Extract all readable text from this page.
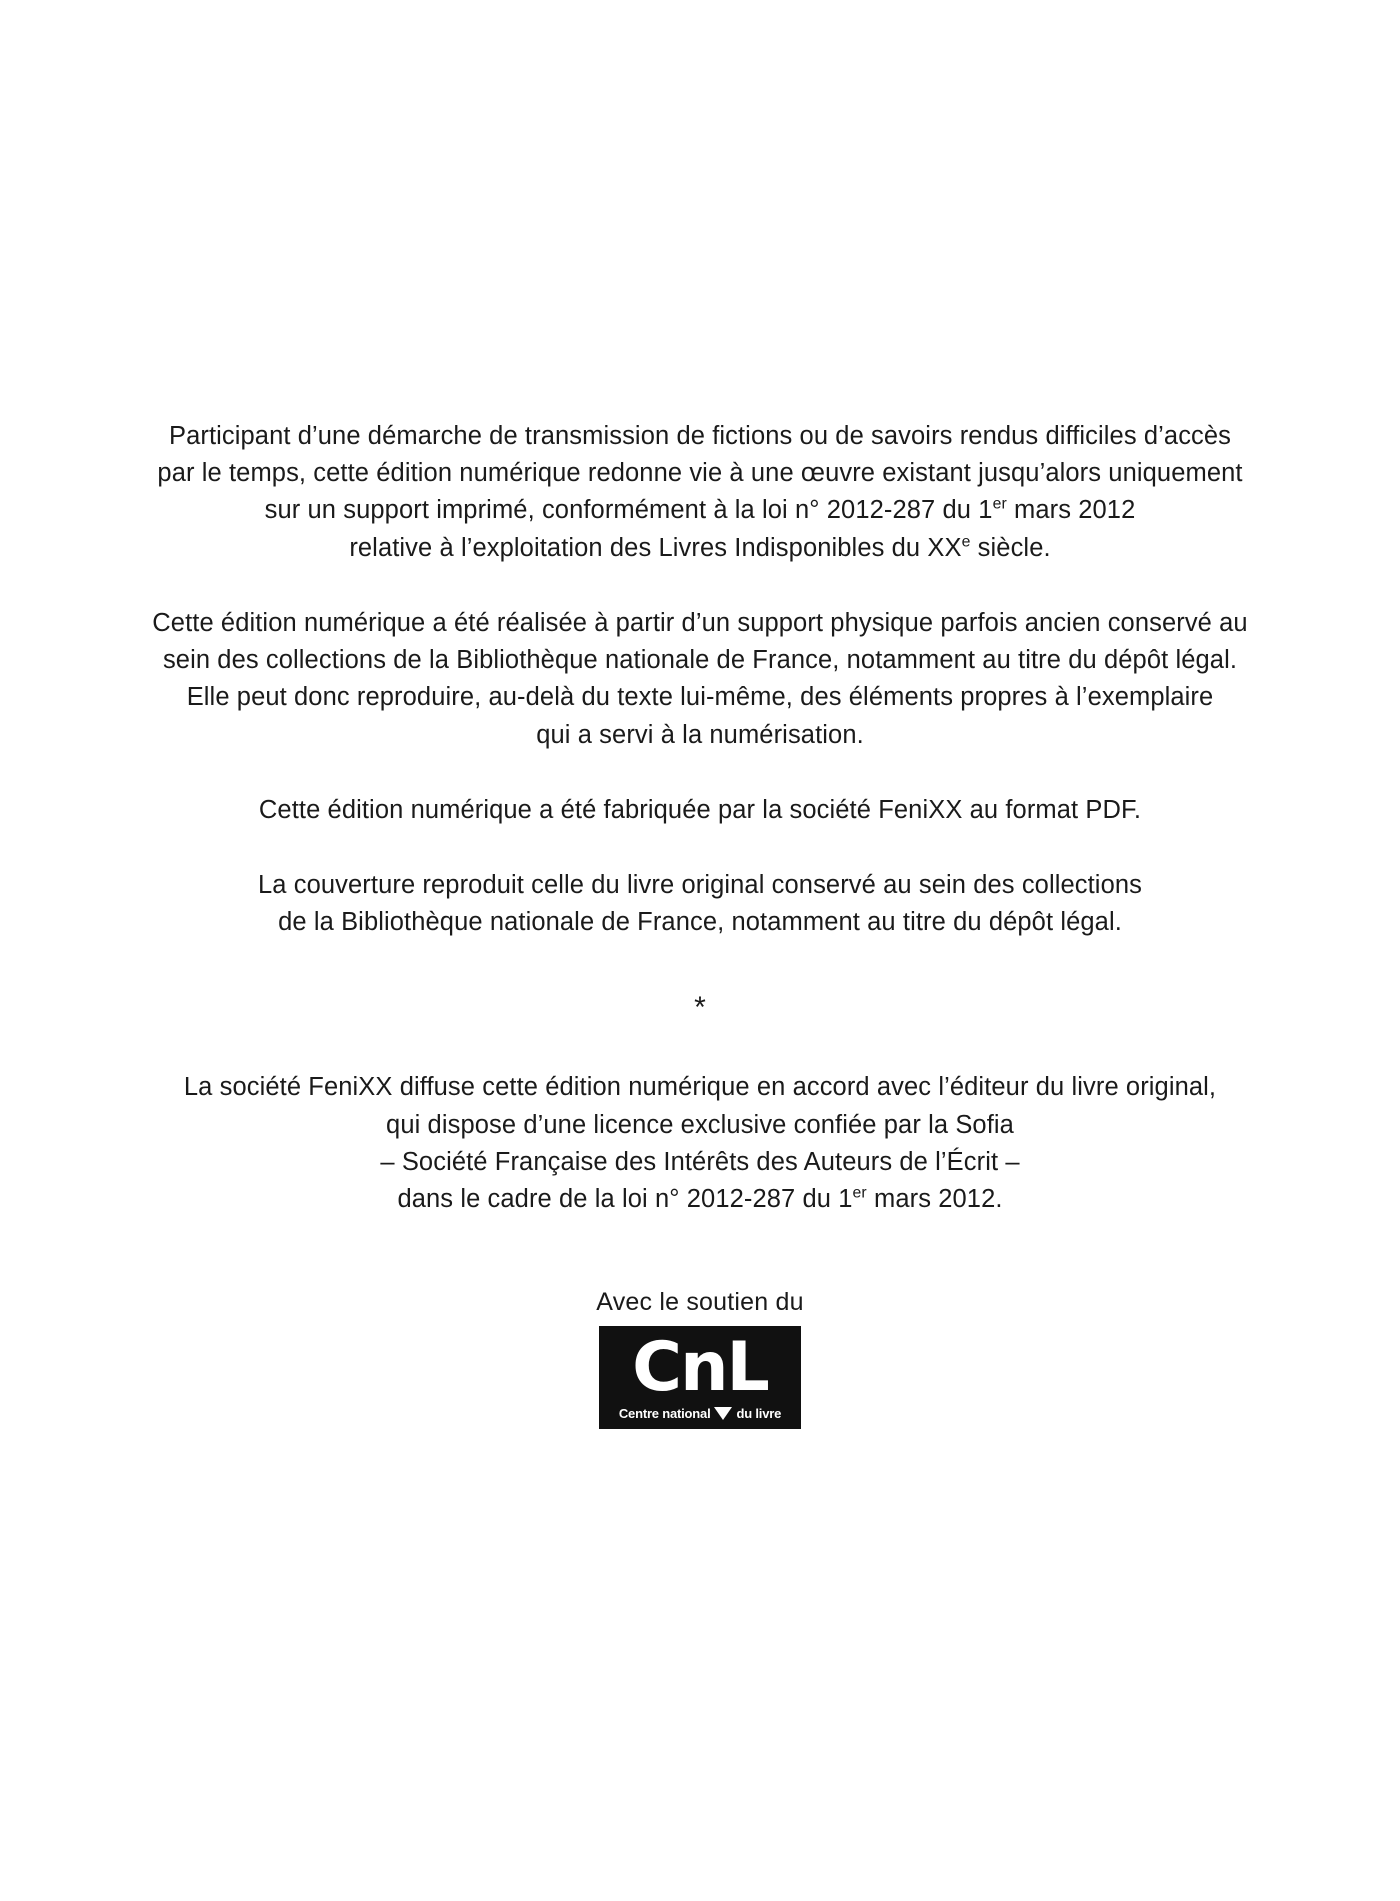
Participant d’une démarche de transmission de fictions ou de savoirs rendus difficiles d’accès

par le temps, cette édition numérique redonne vie à une œuvre existant jusqu’alors uniquement

sur un support imprimé, conformément à la loi n° 2012-287 du 1er mars 2012

relative à l’exploitation des Livres Indisponibles du XXe siècle.

Cette édition numérique a été réalisée à partir d’un support physique parfois ancien conservé au

sein des collections de la Bibliothèque nationale de France, notamment au titre du dépôt légal.

Elle peut donc reproduire, au-delà du texte lui-même, des éléments propres à l’exemplaire

qui a servi à la numérisation.

Cette édition numérique a été fabriquée par la société FeniXX au format PDF.

La couverture reproduit celle du livre original conservé au sein des collections

de la Bibliothèque nationale de France, notamment au titre du dépôt légal.

*

La société FeniXX diffuse cette édition numérique en accord avec l’éditeur du livre original,

qui dispose d’une licence exclusive confiée par la Sofia

– Société Française des Intérêts des Auteurs de l’Écrit –

dans le cadre de la loi n° 2012-287 du 1er mars 2012.

Avec le soutien du
CnL
Centre national du livre
